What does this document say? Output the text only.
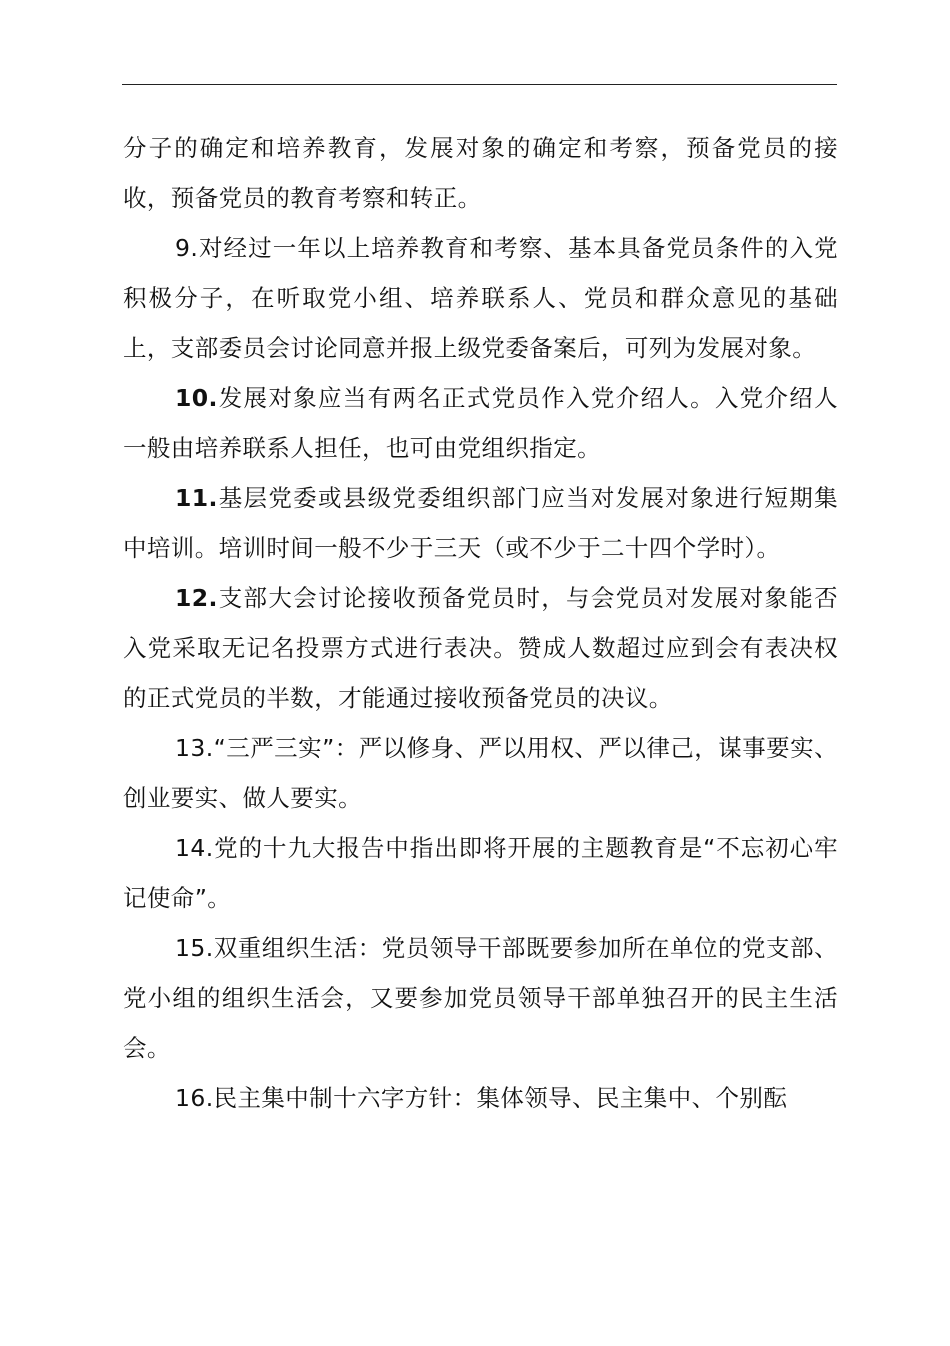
分子的确定和培养教育，发展对象的确定和考察，预备党员的接收，预备党员的教育考察和转正。

9.对经过一年以上培养教育和考察、基本具备党员条件的入党积极分子，在听取党小组、培养联系人、党员和群众意见的基础上，支部委员会讨论同意并报上级党委备案后，可列为发展对象。

10.发展对象应当有两名正式党员作入党介绍人。入党介绍人一般由培养联系人担任，也可由党组织指定。

11.基层党委或县级党委组织部门应当对发展对象进行短期集中培训。培训时间一般不少于三天（或不少于二十四个学时）。

12.支部大会讨论接收预备党员时，与会党员对发展对象能否入党采取无记名投票方式进行表决。赞成人数超过应到会有表决权的正式党员的半数，才能通过接收预备党员的决议。

13.“三严三实”：严以修身、严以用权、严以律己，谋事要实、创业要实、做人要实。

14.党的十九大报告中指出即将开展的主题教育是“不忘初心牢记使命”。

15.双重组织生活：党员领导干部既要参加所在单位的党支部、党小组的组织生活会，又要参加党员领导干部单独召开的民主生活会。

16.民主集中制十六字方针：集体领导、民主集中、个别酝
